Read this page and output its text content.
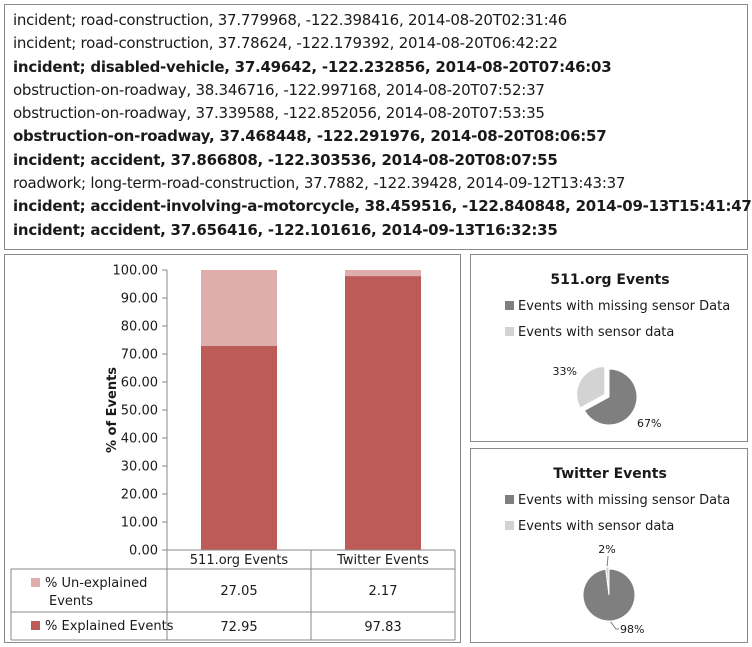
incident; road-construction, 37.779968, -122.398416, 2014-08-20T02:31:46
incident; road-construction, 37.78624, -122.179392, 2014-08-20T06:42:22
incident; disabled-vehicle, 37.49642, -122.232856, 2014-08-20T07:46:03
obstruction-on-roadway, 38.346716, -122.997168, 2014-08-20T07:52:37
obstruction-on-roadway, 37.339588, -122.852056, 2014-08-20T07:53:35
obstruction-on-roadway, 37.468448, -122.291976, 2014-08-20T08:06:57
incident; accident, 37.866808, -122.303536, 2014-08-20T08:07:55
roadwork; long-term-road-construction, 37.7882, -122.39428, 2014-09-12T13:43:37
incident; accident-involving-a-motorcycle, 38.459516, -122.840848, 2014-09-13T15:41:47
incident; accident, 37.656416, -122.101616, 2014-09-13T16:32:35
0.00
10.00
20.00
30.00
40.00
50.00
60.00
70.00
80.00
90.00
100.00
% of Events
511.org Events	Twitter Events
% Un-explained Events
% Explained Events
27.05
72.95
2.17
97.83
511.org Events
Events with missing sensor Data
Events with sensor data
67%
33%
Twitter Events
Events with missing sensor Data
Events with sensor data
98%
2%
